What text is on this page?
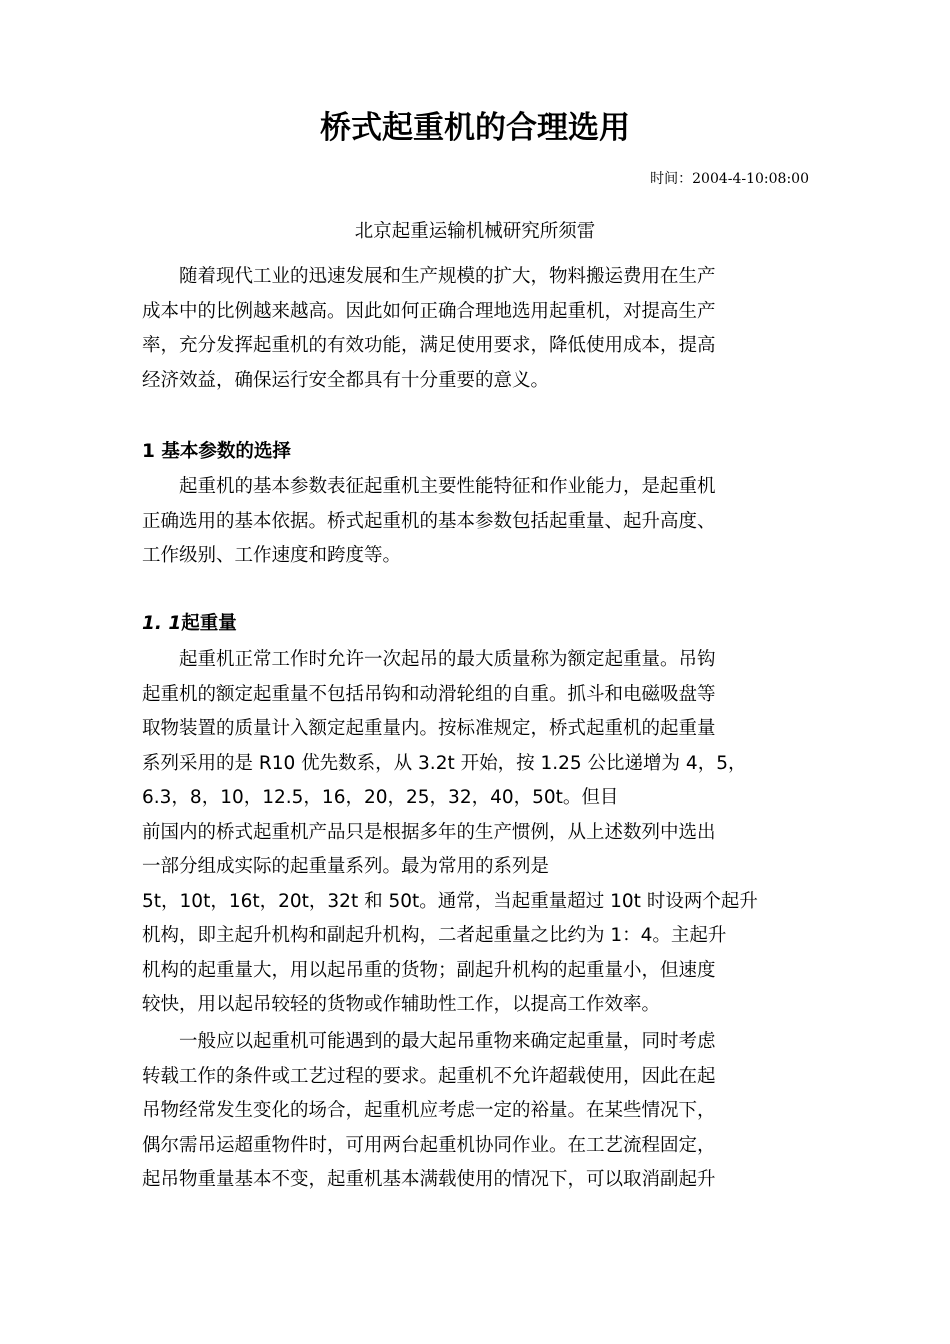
桥式起重机的合理选用
时间：2004-4-10:08:00
北京起重运输机械研究所须雷

　　随着现代工业的迅速发展和生产规模的扩大，物料搬运费用在生产
成本中的比例越来越高。因此如何正确合理地选用起重机，对提高生产
率，充分发挥起重机的有效功能，满足使用要求，降低使用成本，提高
经济效益，确保运行安全都具有十分重要的意义。

1 基本参数的选择

　　起重机的基本参数表征起重机主要性能特征和作业能力，是起重机
正确选用的基本依据。桥式起重机的基本参数包括起重量、起升高度、
工作级别、工作速度和跨度等。

1. 1起重量

　　起重机正常工作时允许一次起吊的最大质量称为额定起重量。吊钩
起重机的额定起重量不包括吊钩和动滑轮组的自重。抓斗和电磁吸盘等
取物装置的质量计入额定起重量内。按标准规定，桥式起重机的起重量
系列采用的是 R10 优先数系，从 3.2t 开始，按 1.25 公比递增为 4，5，
6.3，8，10，12.5，16，20，25，32，40，50t。但目
前国内的桥式起重机产品只是根据多年的生产惯例，从上述数列中选出
一部分组成实际的起重量系列。最为常用的系列是
5t，10t，16t，20t，32t 和 50t。通常，当起重量超过 10t 时设两个起升
机构，即主起升机构和副起升机构，二者起重量之比约为 1：4。主起升
机构的起重量大，用以起吊重的货物；副起升机构的起重量小，但速度
较快，用以起吊较轻的货物或作辅助性工作，以提高工作效率。

　　一般应以起重机可能遇到的最大起吊重物来确定起重量，同时考虑
转载工作的条件或工艺过程的要求。起重机不允许超载使用，因此在起
吊物经常发生变化的场合，起重机应考虑一定的裕量。在某些情况下，
偶尔需吊运超重物件时，可用两台起重机协同作业。在工艺流程固定，
起吊物重量基本不变，起重机基本满载使用的情况下，可以取消副起升
